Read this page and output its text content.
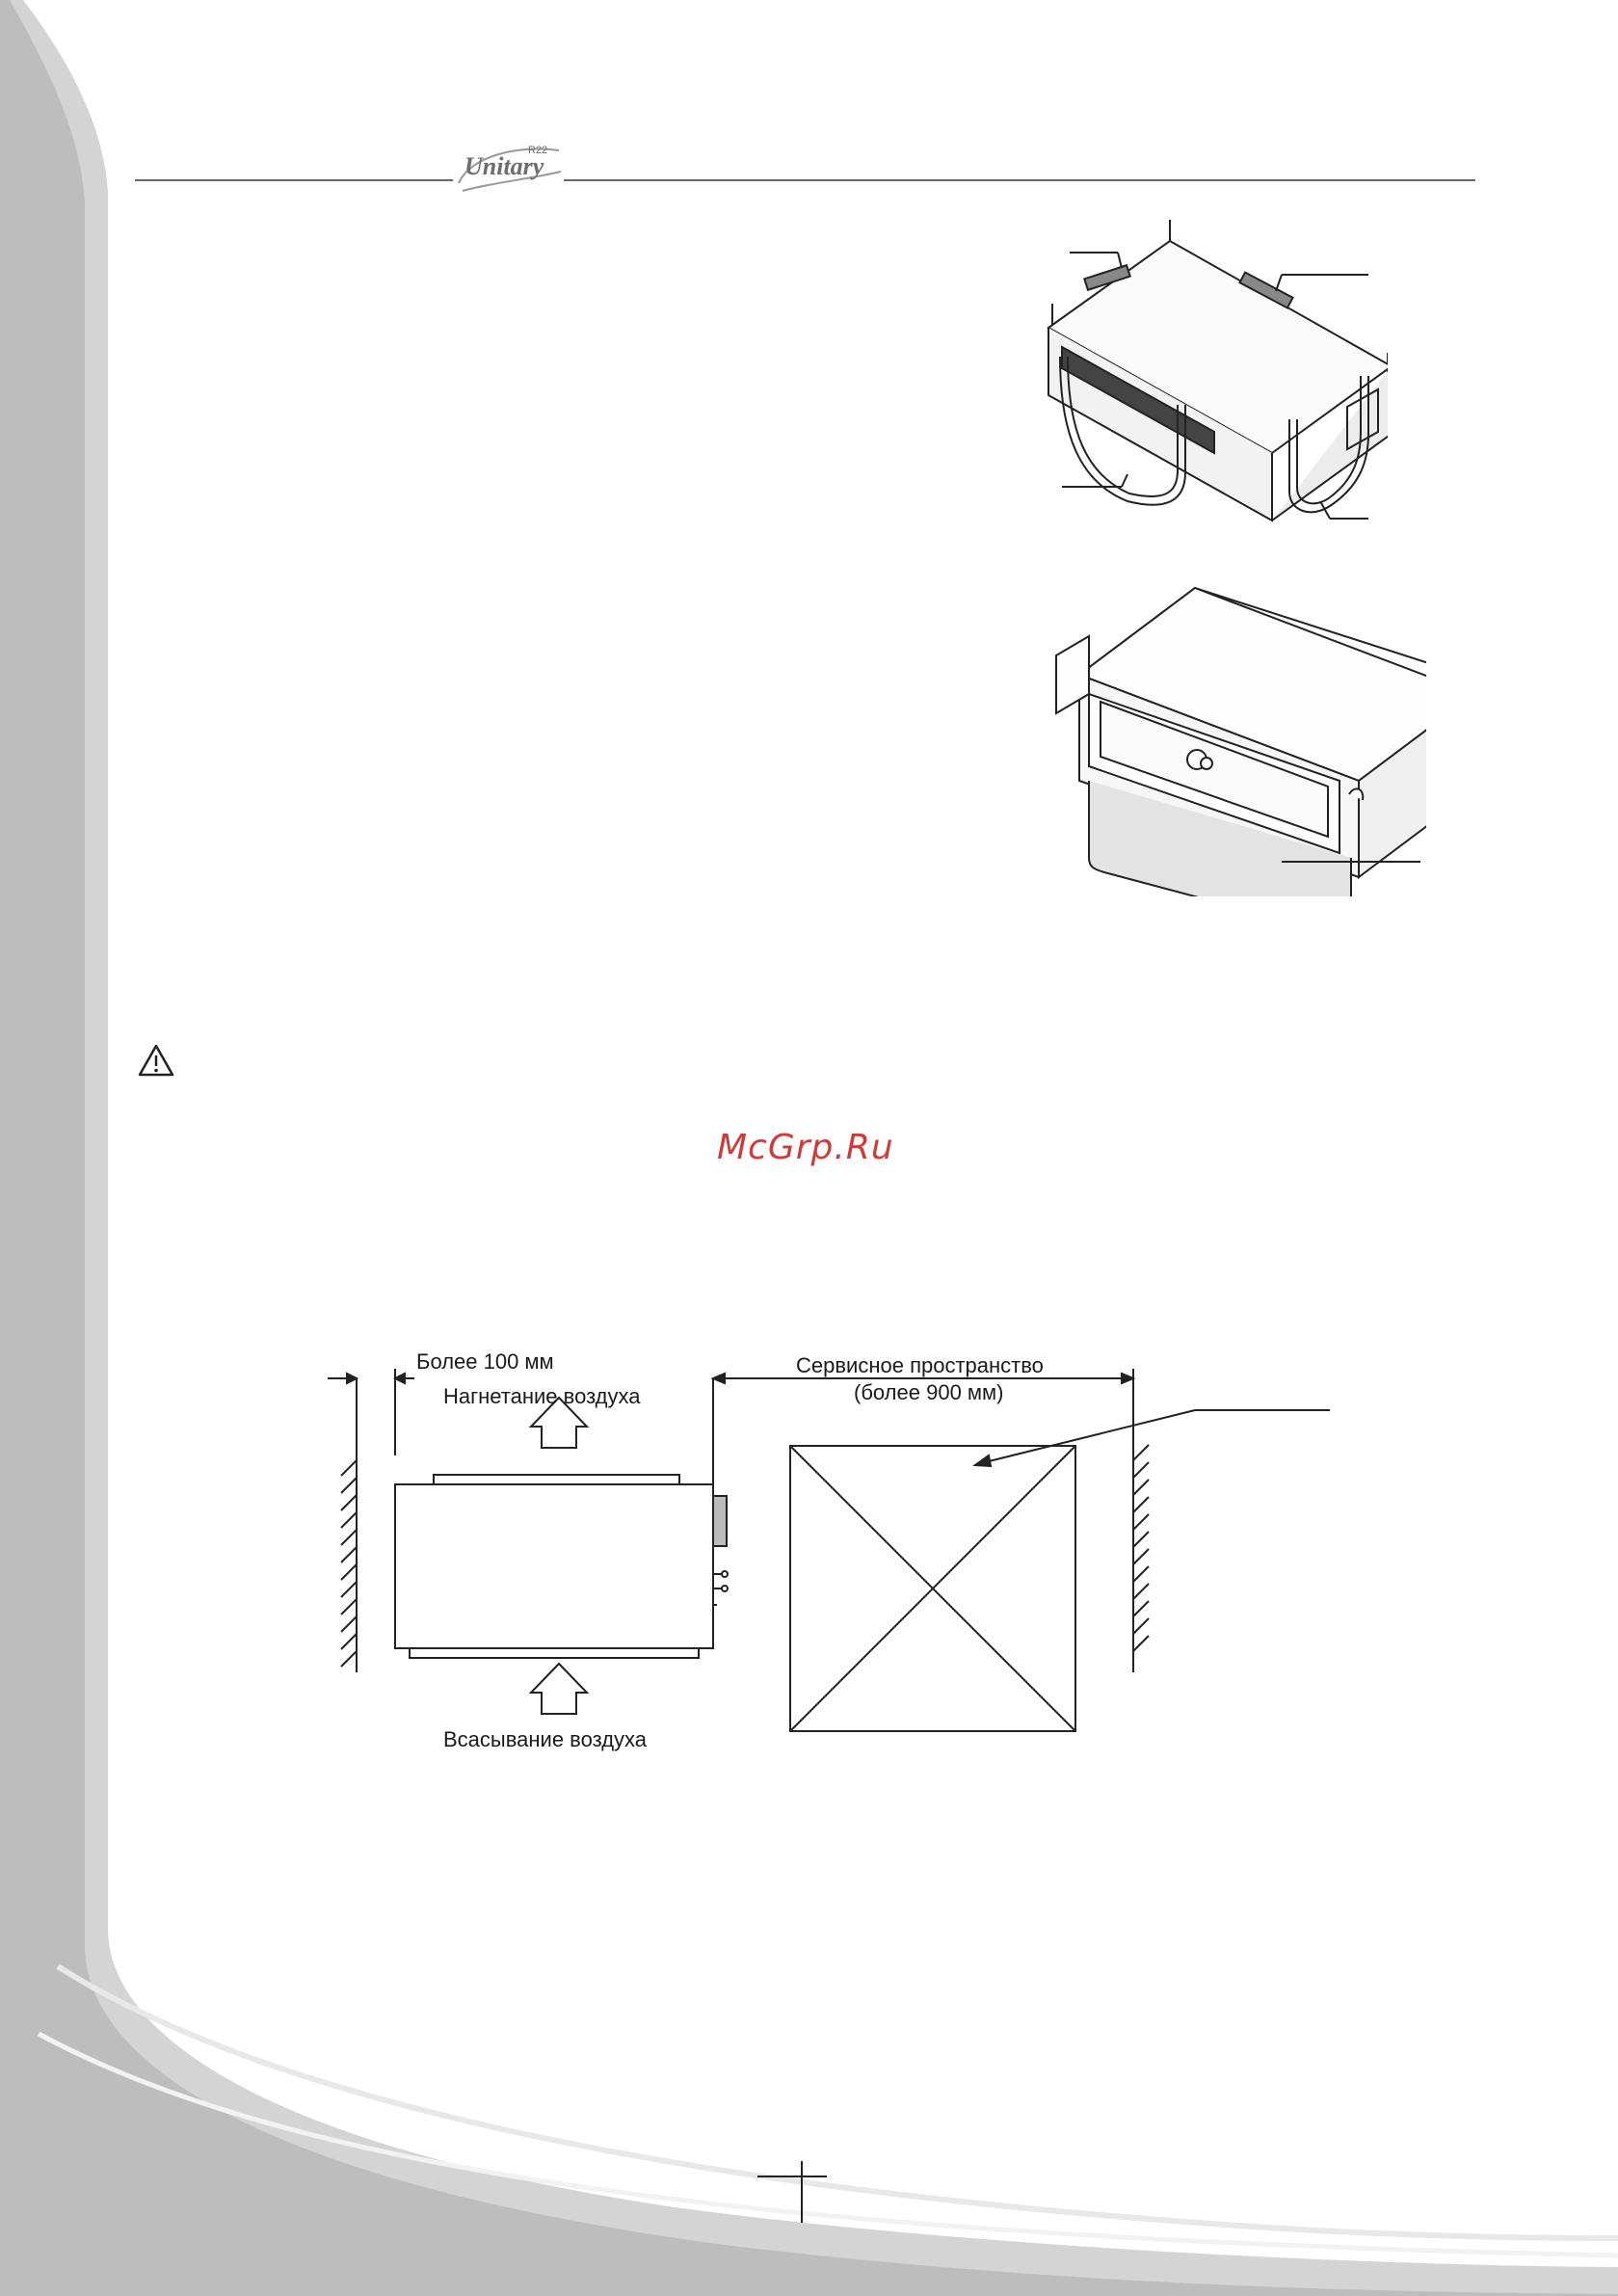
Unitary
R22
McGrp.Ru
Более 100 мм
Нагнетание воздуха
Сервисное пространство
(более 900 мм)
Всасывание воздуха
